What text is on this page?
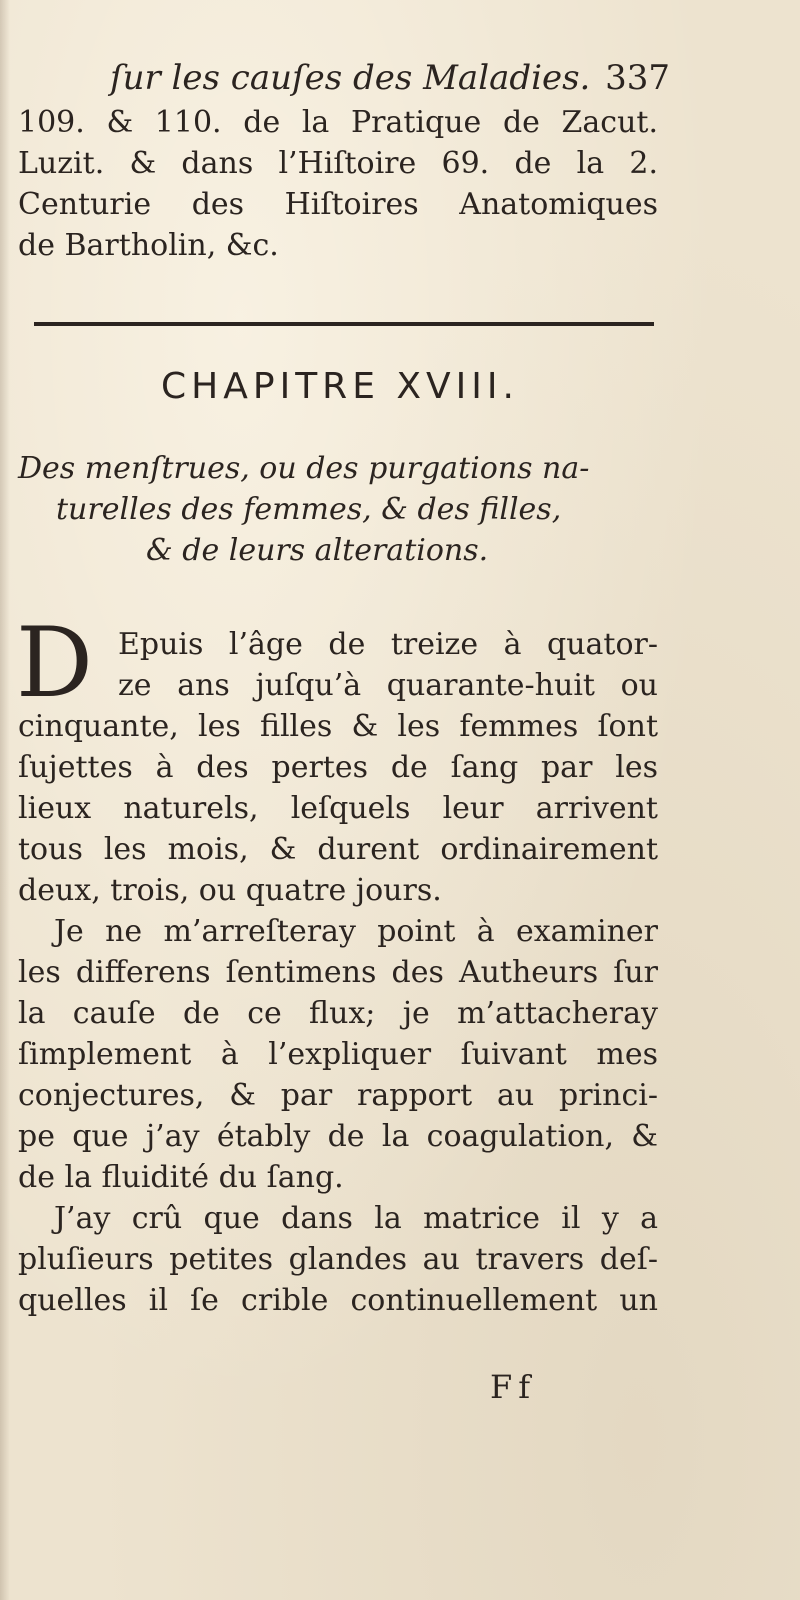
ſur les cauſes des Maladies. 337
109. & 110. de la Pratique de Zacut.
Luzit. & dans l’Hiſtoire 69. de la 2.
Centurie des Hiſtoires Anatomiques
de Bartholin, &c.
CHAPITRE XVIII.
Des menſtrues, ou des purgations na-
turelles des femmes, & des filles,
& de leurs alterations.
D Epuis l’âge de treize à quator-
ze ans juſqu’à quarante-huit ou
cinquante, les filles & les femmes ſont
ſujettes à des pertes de ſang par les
lieux naturels, leſquels leur arrivent
tous les mois, & durent ordinairement
deux, trois, ou quatre jours.
Je ne m’arreſteray point à examiner
les differens ſentimens des Autheurs ſur
la cauſe de ce flux; je m’attacheray
ſimplement à l’expliquer ſuivant mes
conjectures, & par rapport au princi-
pe que j’ay étably de la coagulation, &
de la fluidité du ſang.
J’ay crû que dans la matrice il y a
pluſieurs petites glandes au travers deſ-
quelles il ſe crible continuellement un
Ff
